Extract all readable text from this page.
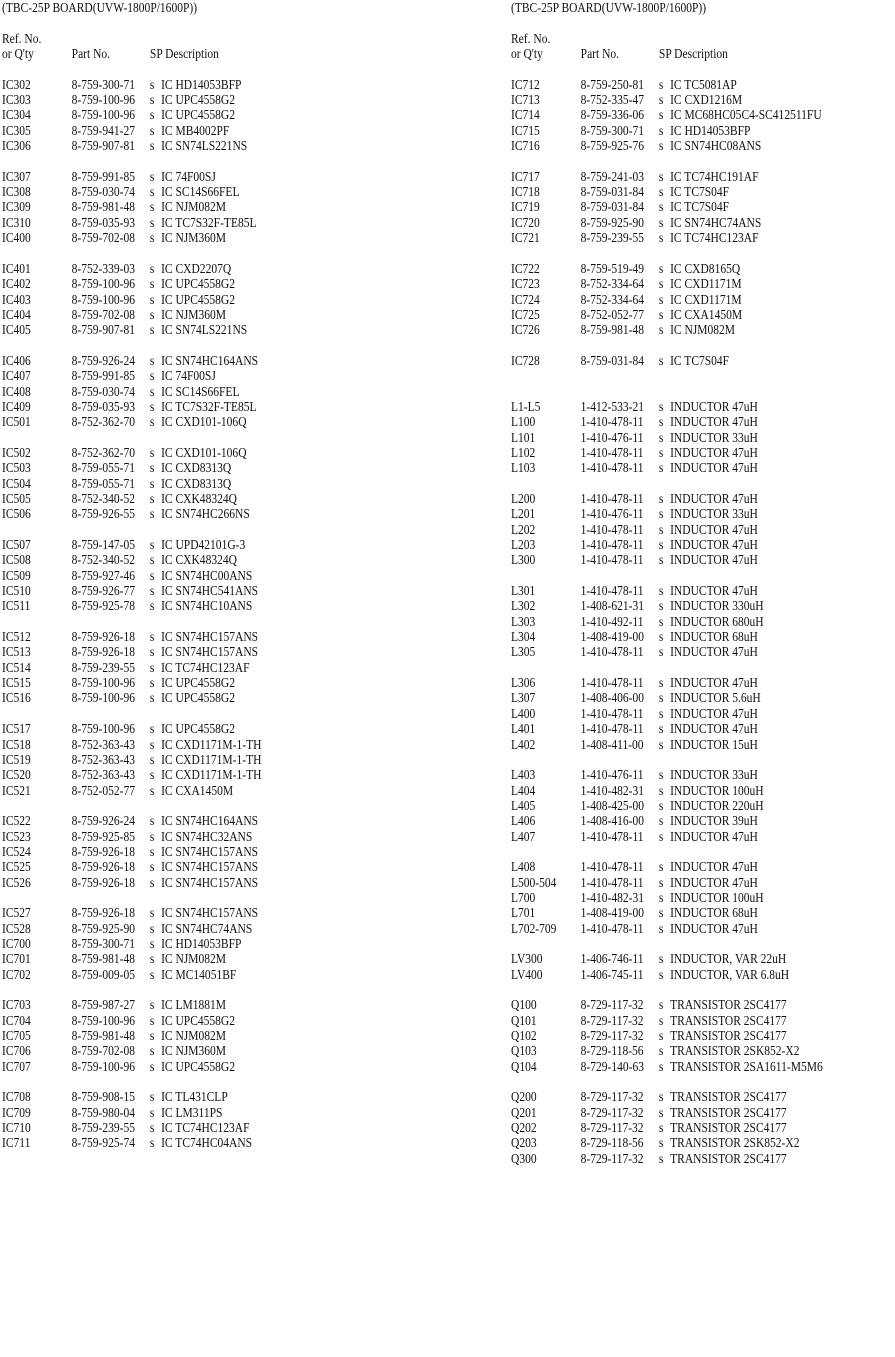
(TBC-25P BOARD(UVW-1800P/1600P))
Ref. No.
or Q'ty	Part No.	SP Description
IC302	8-759-300-71 s IC HD14053BFP
IC303	8-759-100-96 s IC UPC4558G2
IC304	8-759-100-96 s IC UPC4558G2
IC305	8-759-941-27 s IC MB4002PF
IC306	8-759-907-81 s IC SN74LS221NS
IC307	8-759-991-85 s IC 74F00SJ
IC308	8-759-030-74 s IC SC14S66FEL
IC309	8-759-981-48 s IC NJM082M
IC310	8-759-035-93 s IC TC7S32F-TE85L
IC400	8-759-702-08 s IC NJM360M
IC401	8-752-339-03 s IC CXD2207Q
IC402	8-759-100-96 s IC UPC4558G2
IC403	8-759-100-96 s IC UPC4558G2
IC404	8-759-702-08 s IC NJM360M
IC405	8-759-907-81 s IC SN74LS221NS
IC406	8-759-926-24 s IC SN74HC164ANS
IC407	8-759-991-85 s IC 74F00SJ
IC408	8-759-030-74 s IC SC14S66FEL
IC409	8-759-035-93 s IC TC7S32F-TE85L
IC501	8-752-362-70 s IC CXD101-106Q
IC502	8-752-362-70 s IC CXD101-106Q
IC503	8-759-055-71 s IC CXD8313Q
IC504	8-759-055-71 s IC CXD8313Q
IC505	8-752-340-52 s IC CXK48324Q
IC506	8-759-926-55 s IC SN74HC266NS
IC507	8-759-147-05 s IC UPD42101G-3
IC508	8-752-340-52 s IC CXK48324Q
IC509	8-759-927-46 s IC SN74HC00ANS
IC510	8-759-926-77 s IC SN74HC541ANS
IC511	8-759-925-78 s IC SN74HC10ANS
IC512	8-759-926-18 s IC SN74HC157ANS
IC513	8-759-926-18 s IC SN74HC157ANS
IC514	8-759-239-55 s IC TC74HC123AF
IC515	8-759-100-96 s IC UPC4558G2
IC516	8-759-100-96 s IC UPC4558G2
IC517	8-759-100-96 s IC UPC4558G2
IC518	8-752-363-43 s IC CXD1171M-1-TH
IC519	8-752-363-43 s IC CXD1171M-1-TH
IC520	8-752-363-43 s IC CXD1171M-1-TH
IC521	8-752-052-77 s IC CXA1450M
IC522	8-759-926-24 s IC SN74HC164ANS
IC523	8-759-925-85 s IC SN74HC32ANS
IC524	8-759-926-18 s IC SN74HC157ANS
IC525	8-759-926-18 s IC SN74HC157ANS
IC526	8-759-926-18 s IC SN74HC157ANS
IC527	8-759-926-18 s IC SN74HC157ANS
IC528	8-759-925-90 s IC SN74HC74ANS
IC700	8-759-300-71 s IC HD14053BFP
IC701	8-759-981-48 s IC NJM082M
IC702	8-759-009-05 s IC MC14051BF
IC703	8-759-987-27 s IC LM1881M
IC704	8-759-100-96 s IC UPC4558G2
IC705	8-759-981-48 s IC NJM082M
IC706	8-759-702-08 s IC NJM360M
IC707	8-759-100-96 s IC UPC4558G2
IC708	8-759-908-15 s IC TL431CLP
IC709	8-759-980-04 s IC LM311PS
IC710	8-759-239-55 s IC TC74HC123AF
IC711	8-759-925-74 s IC TC74HC04ANS
(TBC-25P BOARD(UVW-1800P/1600P))
Ref. No.
or Q'ty	Part No.	SP Description
IC712	8-759-250-81 s IC TC5081AP
IC713	8-752-335-47 s IC CXD1216M
IC714	8-759-336-06 s IC MC68HC05C4-SC412511FU
IC715	8-759-300-71 s IC HD14053BFP
IC716	8-759-925-76 s IC SN74HC08ANS
IC717	8-759-241-03 s IC TC74HC191AF
IC718	8-759-031-84 s IC TC7S04F
IC719	8-759-031-84 s IC TC7S04F
IC720	8-759-925-90 s IC SN74HC74ANS
IC721	8-759-239-55 s IC TC74HC123AF
IC722	8-759-519-49 s IC CXD8165Q
IC723	8-752-334-64 s IC CXD1171M
IC724	8-752-334-64 s IC CXD1171M
IC725	8-752-052-77 s IC CXA1450M
IC726	8-759-981-48 s IC NJM082M
IC728	8-759-031-84 s IC TC7S04F
L1-L5	1-412-533-21 s INDUCTOR 47uH
L100	1-410-478-11 s INDUCTOR 47uH
L101	1-410-476-11 s INDUCTOR 33uH
L102	1-410-478-11 s INDUCTOR 47uH
L103	1-410-478-11 s INDUCTOR 47uH
L200	1-410-478-11 s INDUCTOR 47uH
L201	1-410-476-11 s INDUCTOR 33uH
L202	1-410-478-11 s INDUCTOR 47uH
L203	1-410-478-11 s INDUCTOR 47uH
L300	1-410-478-11 s INDUCTOR 47uH
L301	1-410-478-11 s INDUCTOR 47uH
L302	1-408-621-31 s INDUCTOR 330uH
L303	1-410-492-11 s INDUCTOR 680uH
L304	1-408-419-00 s INDUCTOR 68uH
L305	1-410-478-11 s INDUCTOR 47uH
L306	1-410-478-11 s INDUCTOR 47uH
L307	1-408-406-00 s INDUCTOR 5.6uH
L400	1-410-478-11 s INDUCTOR 47uH
L401	1-410-478-11 s INDUCTOR 47uH
L402	1-408-411-00 s INDUCTOR 15uH
L403	1-410-476-11 s INDUCTOR 33uH
L404	1-410-482-31 s INDUCTOR 100uH
L405	1-408-425-00 s INDUCTOR 220uH
L406	1-408-416-00 s INDUCTOR 39uH
L407	1-410-478-11 s INDUCTOR 47uH
L408	1-410-478-11 s INDUCTOR 47uH
L500-504 1-410-478-11 s INDUCTOR 47uH
L700	1-410-482-31 s INDUCTOR 100uH
L701	1-408-419-00 s INDUCTOR 68uH
L702-709 1-410-478-11 s INDUCTOR 47uH
LV300	1-406-746-11 s INDUCTOR, VAR 22uH
LV400	1-406-745-11 s INDUCTOR, VAR 6.8uH
Q100	8-729-117-32 s TRANSISTOR 2SC4177
Q101	8-729-117-32 s TRANSISTOR 2SC4177
Q102	8-729-117-32 s TRANSISTOR 2SC4177
Q103	8-729-118-56 s TRANSISTOR 2SK852-X2
Q104	8-729-140-63 s TRANSISTOR 2SA1611-M5M6
Q200	8-729-117-32 s TRANSISTOR 2SC4177
Q201	8-729-117-32 s TRANSISTOR 2SC4177
Q202	8-729-117-32 s TRANSISTOR 2SC4177
Q203	8-729-118-56 s TRANSISTOR 2SK852-X2
Q300	8-729-117-32 s TRANSISTOR 2SC4177
